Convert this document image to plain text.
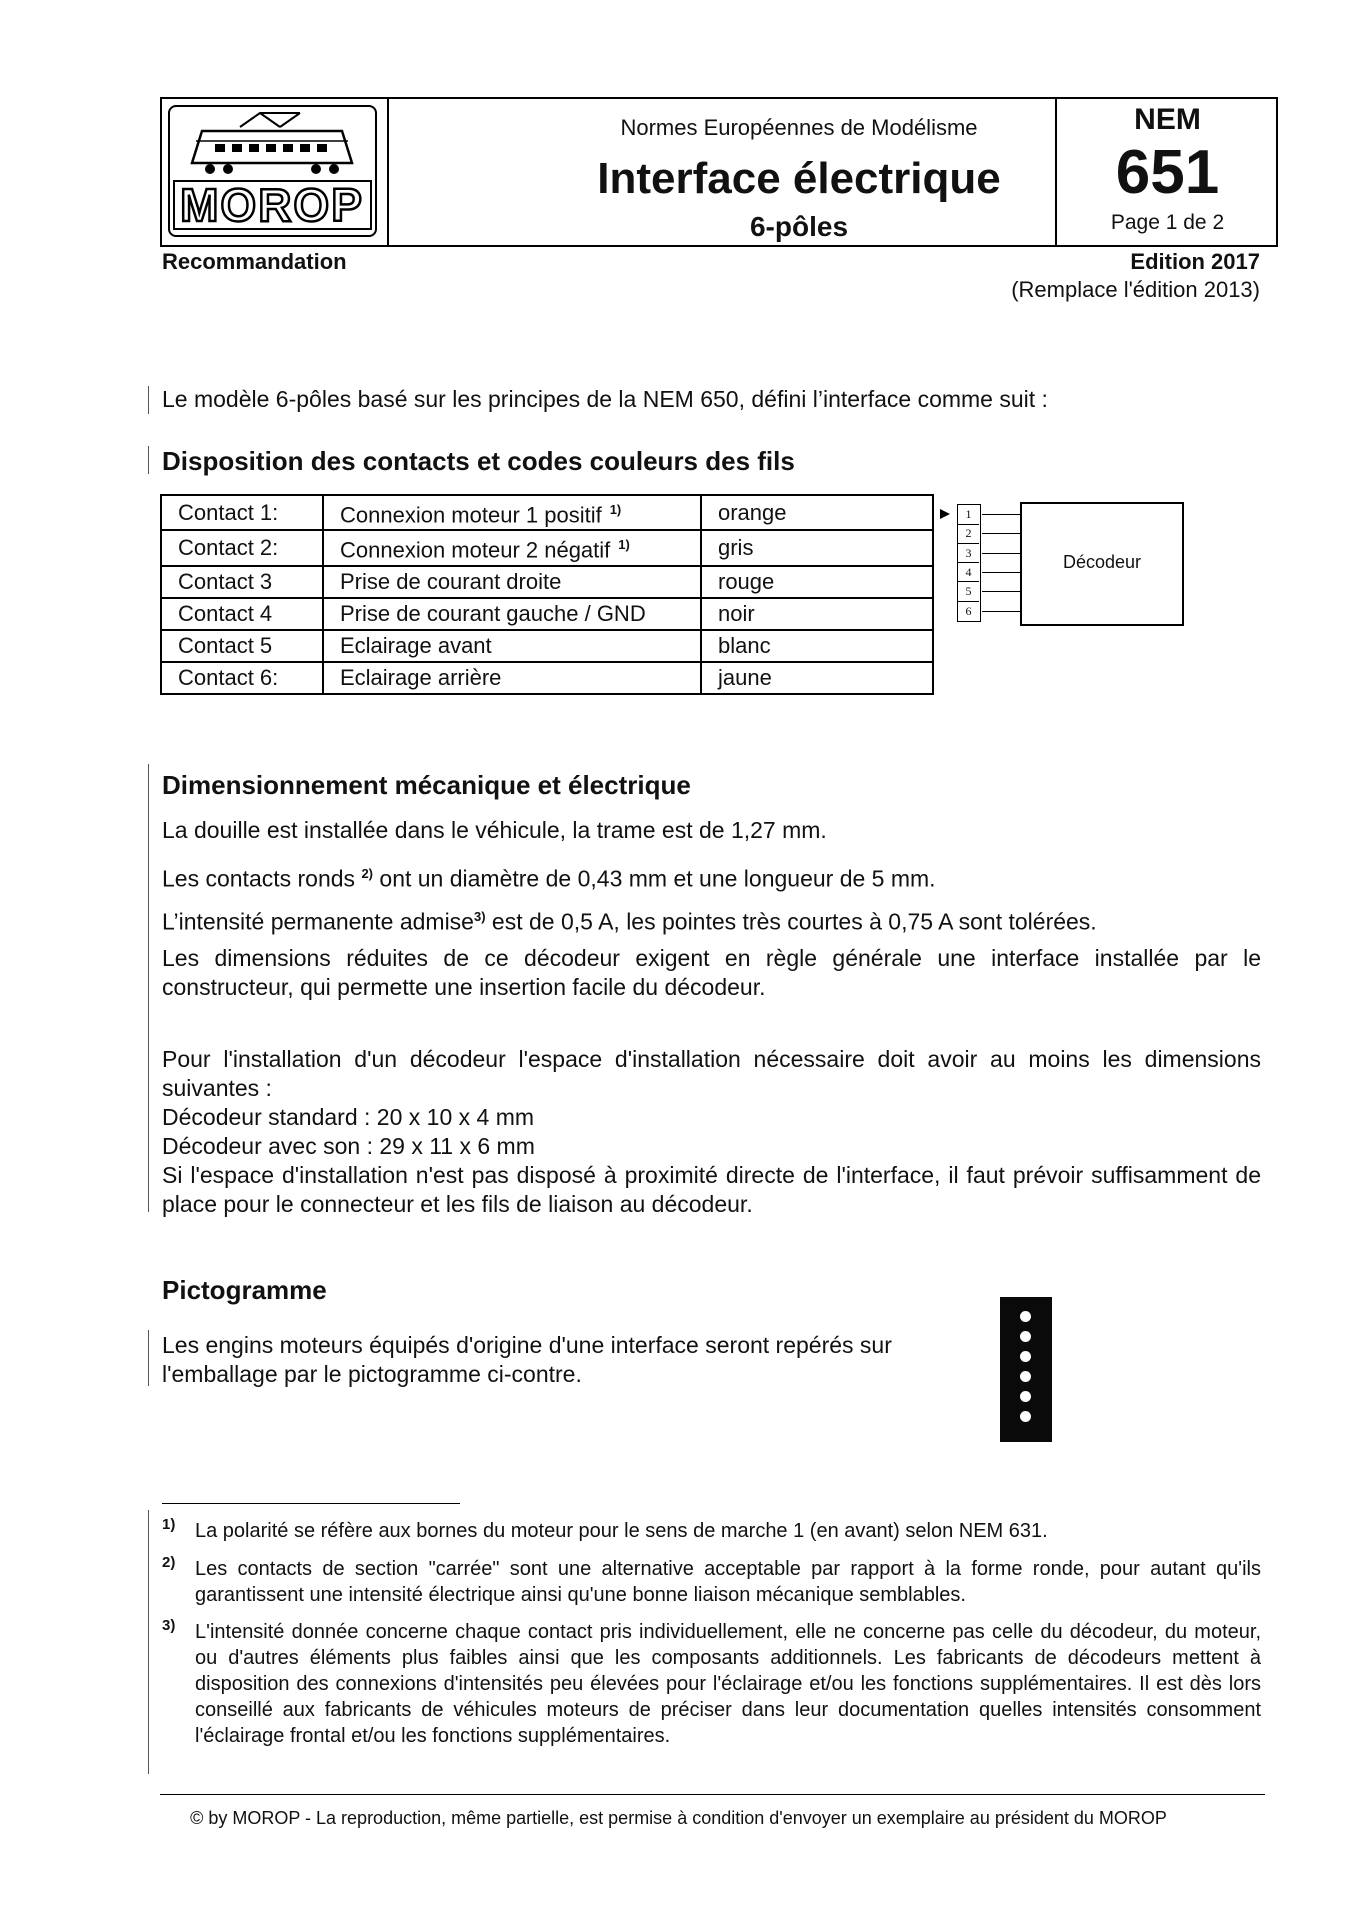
MOROP
Normes Européennes de Modélisme
Interface électrique
6-pôles
NEM
651
Page 1 de 2
Recommandation	Edition 2017
(Remplace l'édition 2013)
Le modèle 6-pôles basé sur les principes de la NEM 650, défini l’interface comme suit :
Disposition des contacts et codes couleurs des fils
Contact 1:	Connexion moteur 1 positif $^{1)}$	orange
Contact 2:	Connexion moteur 2 négatif $^{1)}$	gris
Contact 3	Prise de courant droite	rouge
Contact 4	Prise de courant gauche / GND	noir
Contact 5	Eclairage avant	blanc
Contact 6:	Eclairage arrière	jaune
1
2
3
4
5
6
Décodeur
Dimensionnement mécanique et électrique
La douille est installée dans le véhicule, la trame est de 1,27 mm.
Les contacts ronds $^{2)}$ ont un diamètre de 0,43 mm et une longueur de 5 mm.
L’intensité permanente admise$^{3)}$ est de 0,5 A, les pointes très courtes à 0,75 A sont tolérées.
Les dimensions réduites de ce décodeur exigent en règle générale une interface installée par le constructeur, qui permette une insertion facile du décodeur.
Pour l'installation d'un décodeur l'espace d'installation nécessaire doit avoir au moins les dimensions suivantes :
Décodeur standard : 20 x 10 x 4 mm
Décodeur avec son : 29 x 11 x 6 mm
Si l'espace d'installation n'est pas disposé à proximité directe de l'interface, il faut prévoir suffisamment de place pour le connecteur et les fils de liaison au décodeur.
Pictogramme
Les engins moteurs équipés d'origine d'une interface seront repérés sur l'emballage par le pictogramme ci-contre.
1) La polarité se réfère aux bornes du moteur pour le sens de marche 1 (en avant) selon NEM 631.
2) Les contacts de section "carrée" sont une alternative acceptable par rapport à la forme ronde, pour autant qu'ils garantissent une intensité électrique ainsi qu'une bonne liaison mécanique semblables.
3) L'intensité donnée concerne chaque contact pris individuellement, elle ne concerne pas celle du décodeur, du moteur, ou d'autres éléments plus faibles ainsi que les composants additionnels. Les fabricants de décodeurs mettent à disposition des connexions d'intensités peu élevées pour l'éclairage et/ou les fonctions supplémentaires. Il est dès lors conseillé aux fabricants de véhicules moteurs de préciser dans leur documentation quelles intensités consomment l'éclairage frontal et/ou les fonctions supplémentaires.
© by MOROP - La reproduction, même partielle, est permise à condition d'envoyer un exemplaire au président du MOROP
